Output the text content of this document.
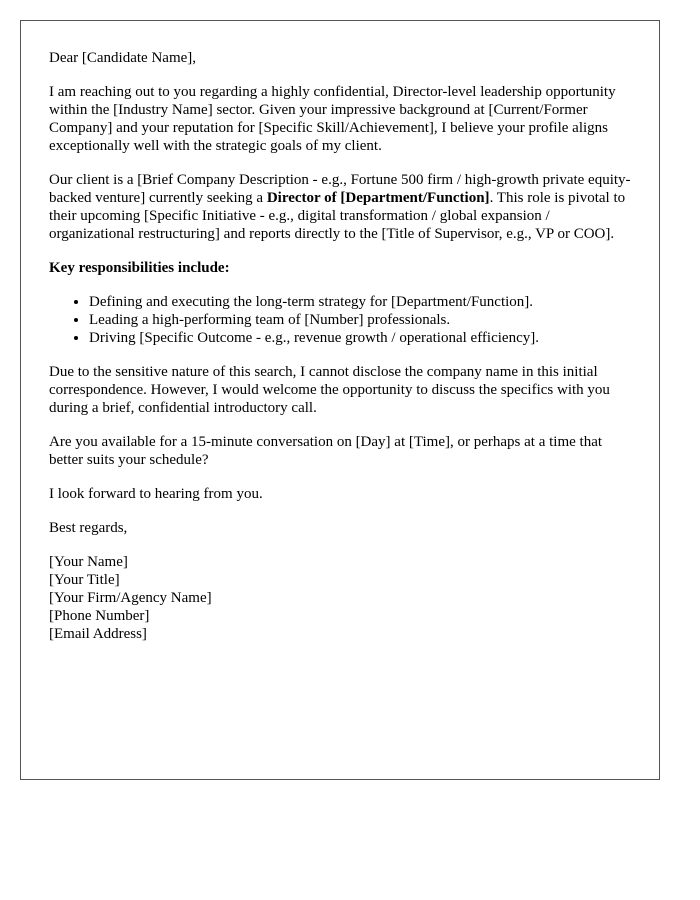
Dear [Candidate Name],

I am reaching out to you regarding a highly confidential, Director-level leadership opportunity within the [Industry Name] sector. Given your impressive background at [Current/Former Company] and your reputation for [Specific Skill/Achievement], I believe your profile aligns exceptionally well with the strategic goals of my client.

Our client is a [Brief Company Description - e.g., Fortune 500 firm / high-growth private equity-backed venture] currently seeking a Director of [Department/Function]. This role is pivotal to their upcoming [Specific Initiative - e.g., digital transformation / global expansion / organizational restructuring] and reports directly to the [Title of Supervisor, e.g., VP or COO].

Key responsibilities include:

• Defining and executing the long-term strategy for [Department/Function].
• Leading a high-performing team of [Number] professionals.
• Driving [Specific Outcome - e.g., revenue growth / operational efficiency].

Due to the sensitive nature of this search, I cannot disclose the company name in this initial correspondence. However, I would welcome the opportunity to discuss the specifics with you during a brief, confidential introductory call.

Are you available for a 15-minute conversation on [Day] at [Time], or perhaps at a time that better suits your schedule?

I look forward to hearing from you.

Best regards,

[Your Name]
[Your Title]
[Your Firm/Agency Name]
[Phone Number]
[Email Address]
